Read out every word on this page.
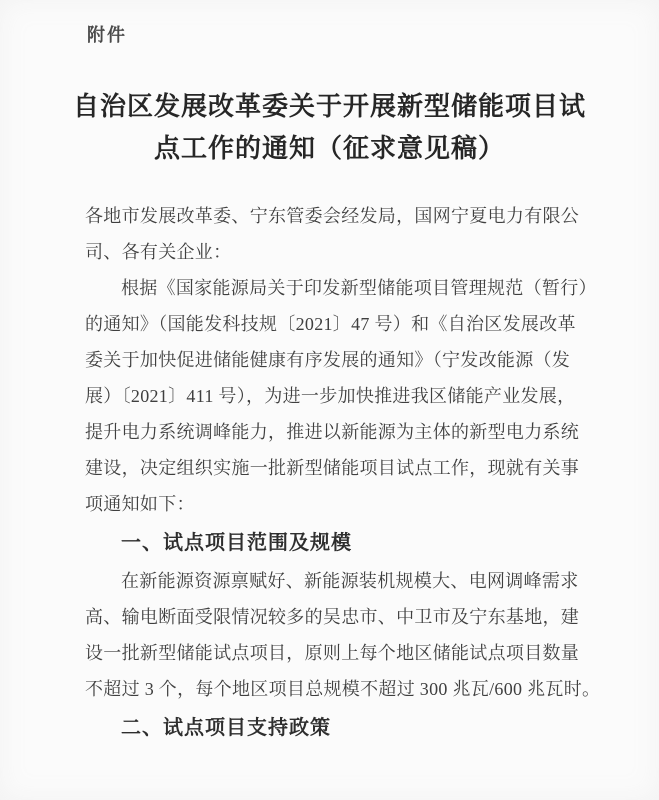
附件
自治区发展改革委关于开展新型储能项目试
点工作的通知（征求意见稿）
各地市发展改革委、宁东管委会经发局，国网宁夏电力有限公
司、各有关企业：
根据《国家能源局关于印发新型储能项目管理规范（暂行）
的通知》（国能发科技规〔2021〕47 号）和《自治区发展改革
委关于加快促进储能健康有序发展的通知》（宁发改能源（发
展）〔2021〕411 号），为进一步加快推进我区储能产业发展，
提升电力系统调峰能力，推进以新能源为主体的新型电力系统
建设，决定组织实施一批新型储能项目试点工作，现就有关事
项通知如下：
一、试点项目范围及规模
在新能源资源禀赋好、新能源装机规模大、电网调峰需求
高、输电断面受限情况较多的吴忠市、中卫市及宁东基地，建
设一批新型储能试点项目，原则上每个地区储能试点项目数量
不超过 3 个，每个地区项目总规模不超过 300 兆瓦/600 兆瓦时。
二、试点项目支持政策
